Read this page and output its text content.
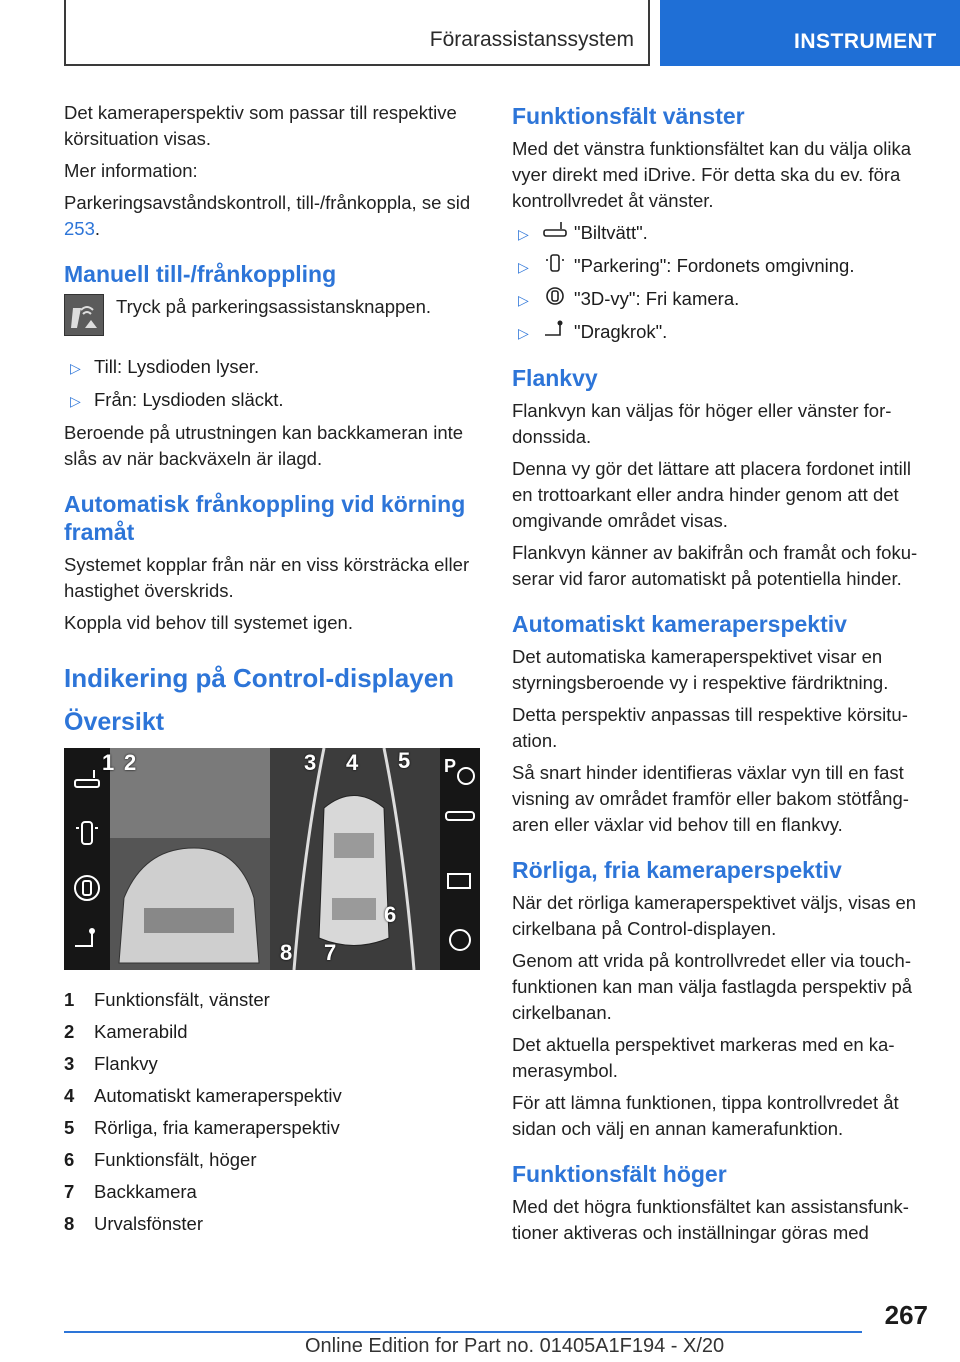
Förarassistanssystem	INSTRUMENT

Det kameraperspektiv som passar till respektive körsituation visas.

Mer information:

Parkeringsavståndskontroll, till-/frånkoppla, se sid 253.

Manuell till-/frånkoppling

Tryck på parkeringsassistansknappen.

▷ Till: Lysdioden lyser.
▷ Från: Lysdioden släckt.

Beroende på utrustningen kan backkameran inte slås av när backväxeln är ilagd.

Automatisk frånkoppling vid körning framåt

Systemet kopplar från när en viss körsträcka eller hastighet överskrids.

Koppla vid behov till systemet igen.

Indikering på Control-displayen
Översikt
P
1 2	3 4 5
6
7
8
1	Funktionsfält, vänster
2	Kamerabild
3	Flankvy
4	Automatiskt kameraperspektiv
5	Rörliga, fria kameraperspektiv
6	Funktionsfält, höger
7	Backkamera
8	Urvalsfönster
Funktionsfält vänster

Med det vänstra funktionsfältet kan du välja olika vyer direkt med iDrive. För detta ska du ev. föra kontrollvredet åt vänster.

▷	"Biltvätt".
▷	"Parkering": Fordonets omgivning.
▷	"3D-vy": Fri kamera.
▷	"Dragkrok".
Flankvy

Flankvyn kan väljas för höger eller vänster fordonssida.

Denna vy gör det lättare att placera fordonet intill en trottoarkant eller andra hinder genom att det omgivande området visas.

Flankvyn känner av bakifrån och framåt och fokuserar vid faror automatiskt på potentiella hinder.

Automatiskt kameraperspektiv

Det automatiska kameraperspektivet visar en styrningsberoende vy i respektive färdriktning.

Detta perspektiv anpassas till respektive körsituation.

Så snart hinder identifieras växlar vyn till en fast visning av området framför eller bakom stötfångaren eller växlar vid behov till en flankvy.

Rörliga, fria kameraperspektiv

När det rörliga kameraperspektivet väljs, visas en cirkelbana på Control-displayen.

Genom att vrida på kontrollvredet eller via touchfunktionen kan man välja fastlagda perspektiv på cirkelbanan.

Det aktuella perspektivet markeras med en kamerasymbol.

För att lämna funktionen, tippa kontrollvredet åt sidan och välj en annan kamerafunktion.

Funktionsfält höger

Med det högra funktionsfältet kan assistansfunktioner aktiveras och inställningar göras med

267
Online Edition for Part no. 01405A1F194 - X/20
